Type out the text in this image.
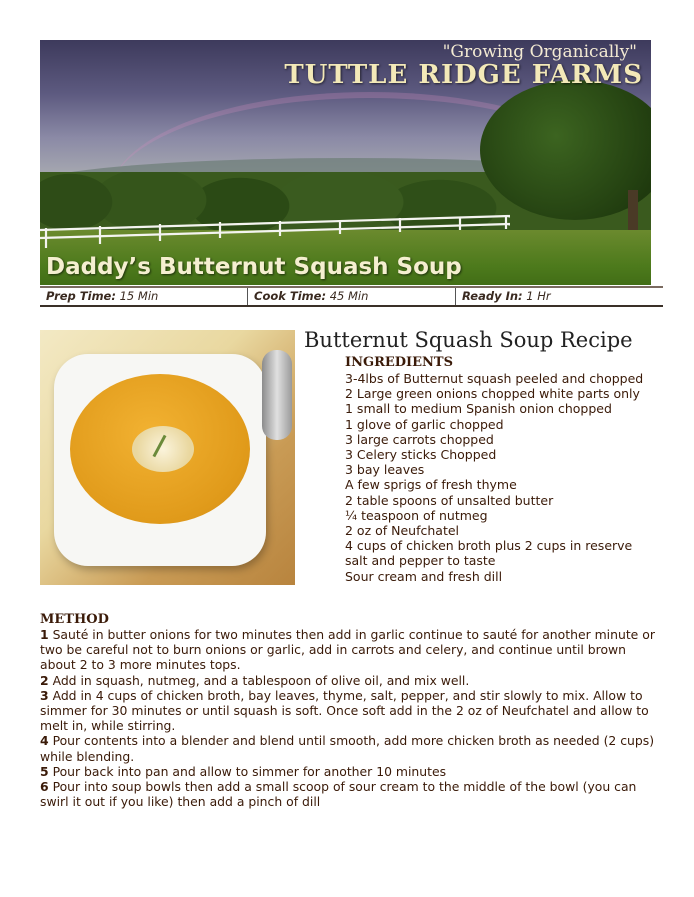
"Growing Organically"
TUTTLE RIDGE FARMS
Daddy’s Butternut Squash Soup
Prep Time: 15 Min	Cook Time: 45 Min	Ready In: 1 Hr
Butternut Squash Soup Recipe
INGREDIENTS
3-4lbs of Butternut squash peeled and chopped
2 Large green onions chopped white parts only
1 small to medium Spanish onion chopped
1 glove of garlic chopped
3 large carrots chopped
3 Celery sticks Chopped
3 bay leaves
A few sprigs of fresh thyme
2 table spoons of unsalted butter
¼ teaspoon of nutmeg
2 oz of Neufchatel
4 cups of chicken broth plus 2 cups in reserve
salt and pepper to taste
Sour cream and fresh dill
METHOD
1 Sauté in butter onions for two minutes then add in garlic continue to sauté for another minute or two be careful not to burn onions or garlic, add in carrots and celery, and continue until brown about 2 to 3 more minutes tops.
2 Add in squash, nutmeg, and a tablespoon of olive oil, and mix well.
3 Add in 4 cups of chicken broth, bay leaves, thyme, salt, pepper, and stir slowly to mix. Allow to simmer for 30 minutes or until squash is soft. Once soft add in the 2 oz of Neufchatel and allow to melt in, while stirring.
4 Pour contents into a blender and blend until smooth, add more chicken broth as needed (2 cups) while blending.
5 Pour back into pan and allow to simmer for another 10 minutes
6 Pour into soup bowls then add a small scoop of sour cream to the middle of the bowl (you can swirl it out if you like) then add a pinch of dill
